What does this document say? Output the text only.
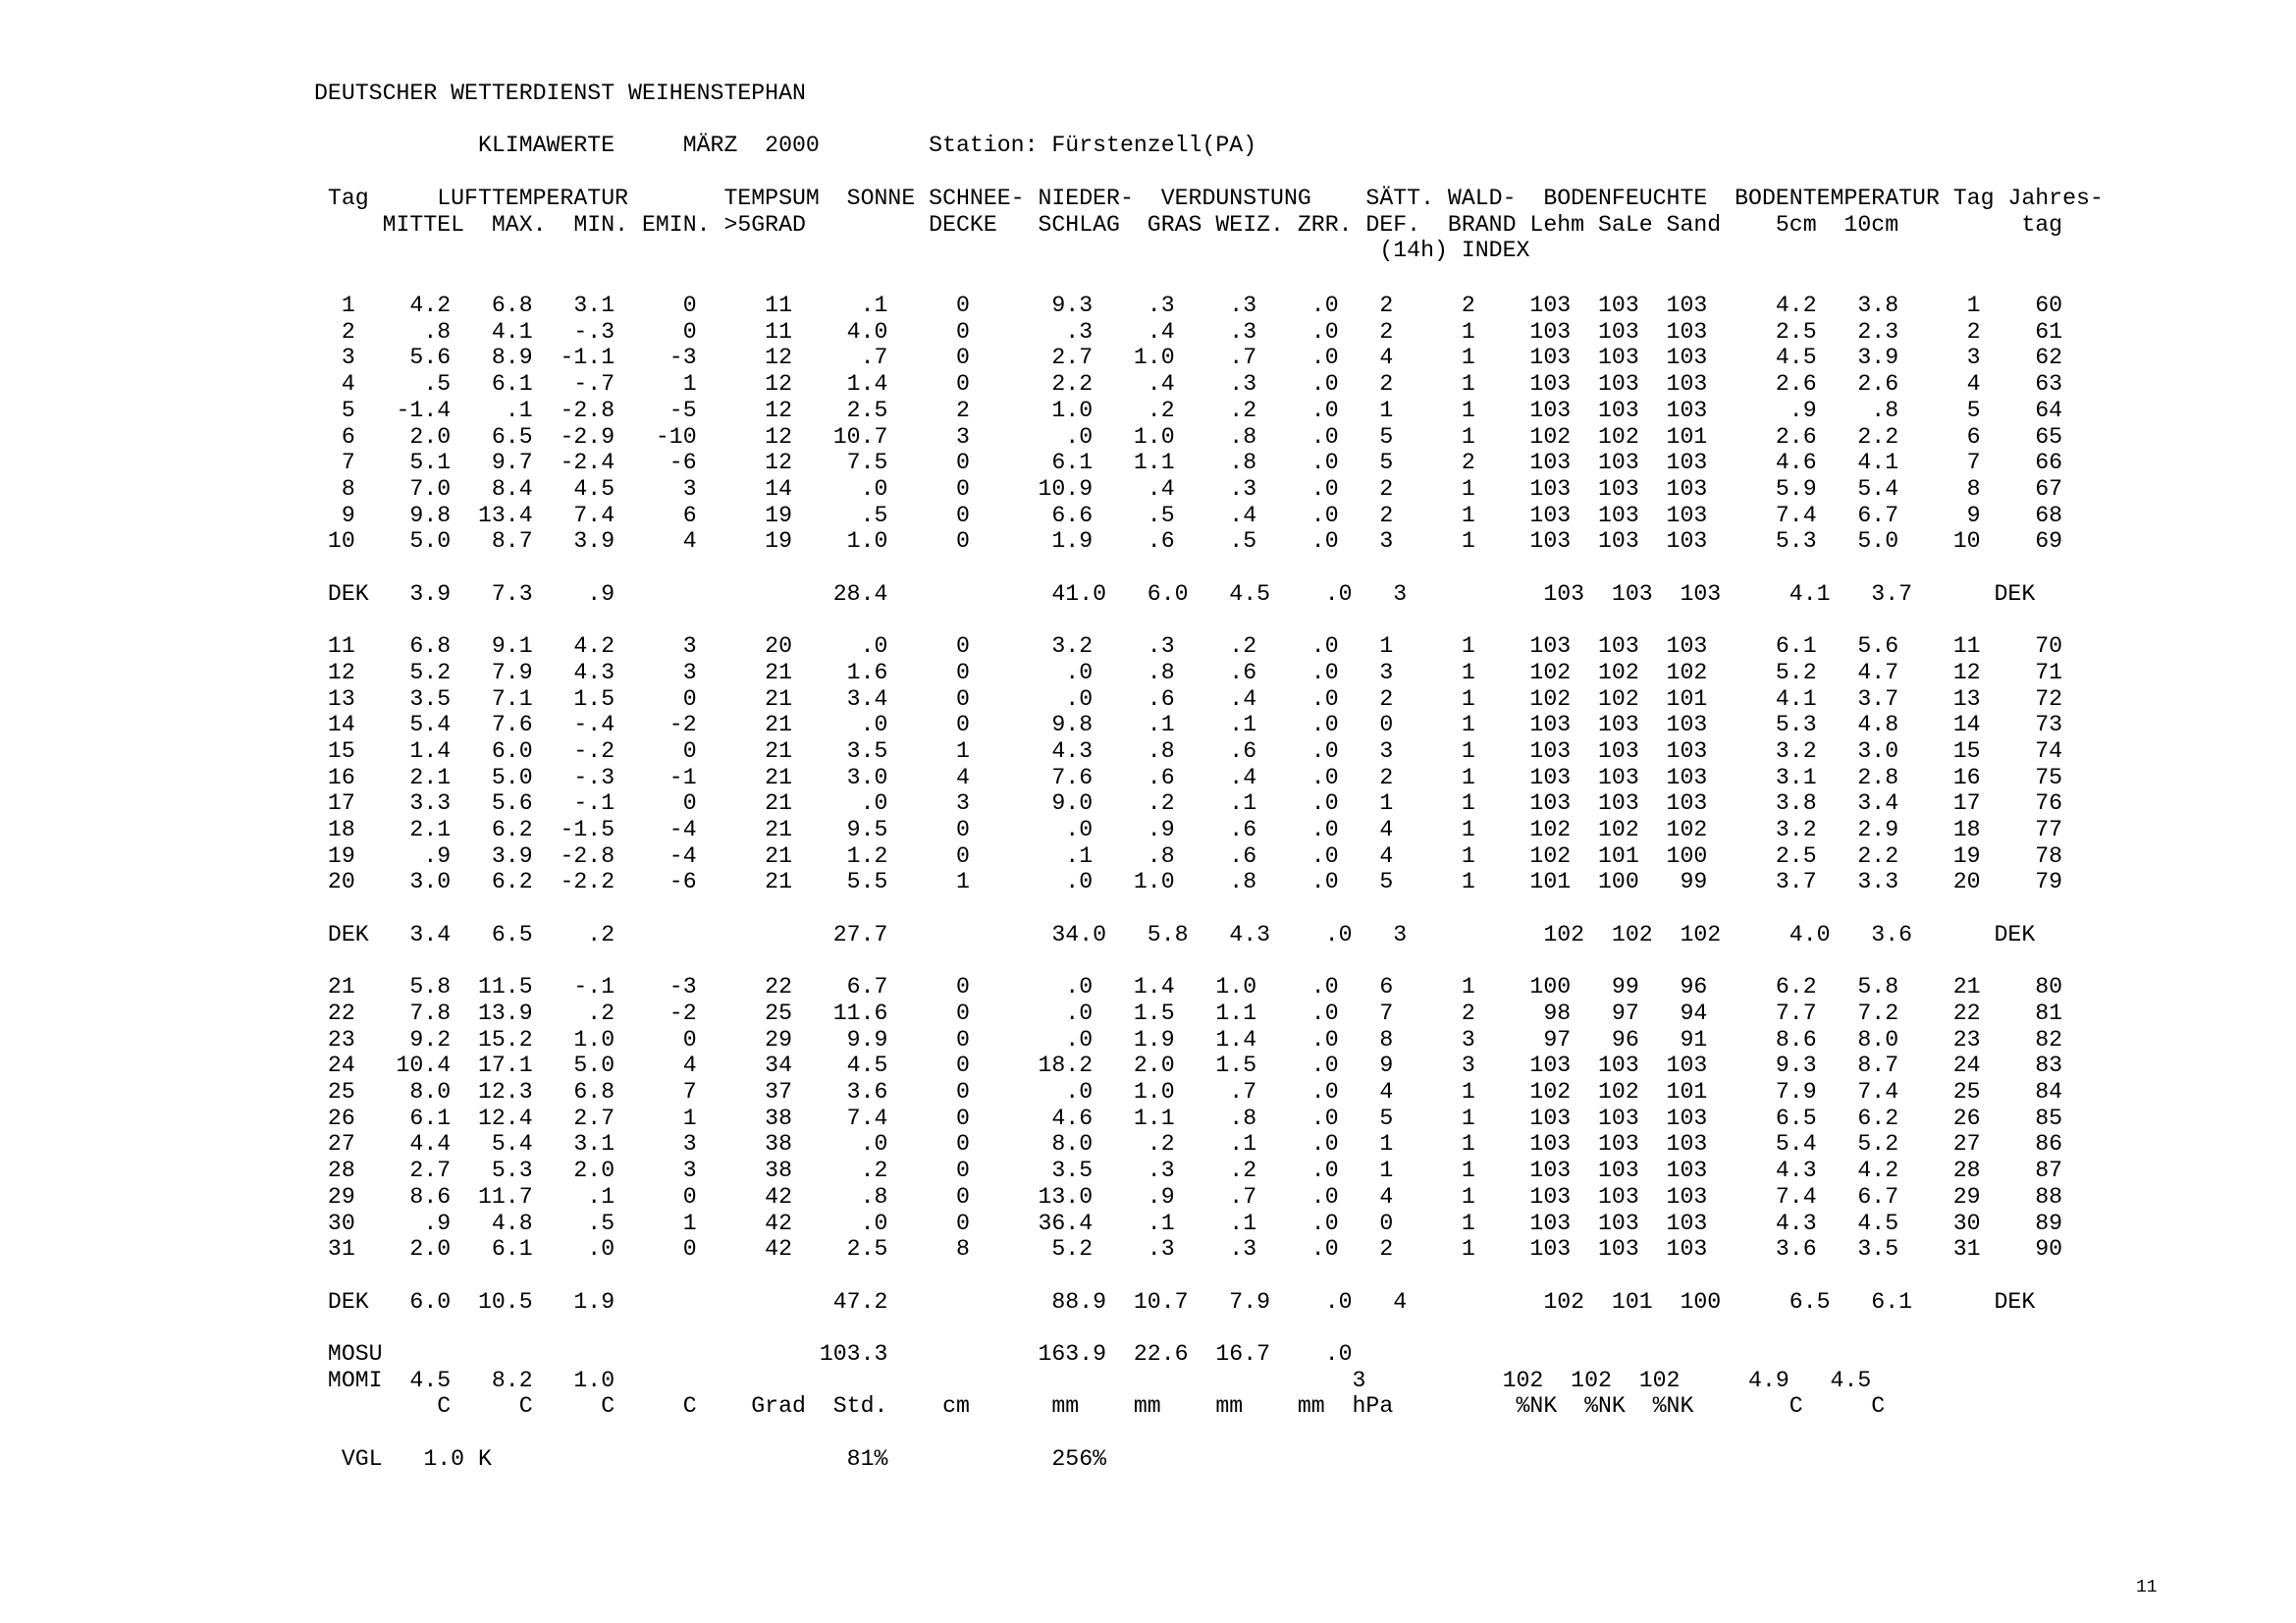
DEUTSCHER WETTERDIENST WEIHENSTEPHAN
KLIMAWERTE     MÄRZ  2000        Station: Fürstenzell(PA)
Tag     LUFTTEMPERATUR       TEMPSUM  SONNE SCHNEE- NIEDER-  VERDUNSTUNG    SÄTT. WALD-  BODENFEUCHTE  BODENTEMPERATUR Tag Jahres-
MITTEL  MAX.  MIN. EMIN. >5GRAD         DECKE   SCHLAG  GRAS WEIZ. ZRR. DEF.  BRAND Lehm SaLe Sand    5cm  10cm         tag
(14h) INDEX
1    4.2   6.8   3.1     0     11     .1     0      9.3    .3    .3    .0   2     2    103  103  103     4.2   3.8     1    60
2     .8   4.1   -.3     0     11    4.0     0       .3    .4    .3    .0   2     1    103  103  103     2.5   2.3     2    61
3    5.6   8.9  -1.1    -3     12     .7     0      2.7   1.0    .7    .0   4     1    103  103  103     4.5   3.9     3    62
4     .5   6.1   -.7     1     12    1.4     0      2.2    .4    .3    .0   2     1    103  103  103     2.6   2.6     4    63
5   -1.4    .1  -2.8    -5     12    2.5     2      1.0    .2    .2    .0   1     1    103  103  103      .9    .8     5    64
6    2.0   6.5  -2.9   -10     12   10.7     3       .0   1.0    .8    .0   5     1    102  102  101     2.6   2.2     6    65
7    5.1   9.7  -2.4    -6     12    7.5     0      6.1   1.1    .8    .0   5     2    103  103  103     4.6   4.1     7    66
8    7.0   8.4   4.5     3     14     .0     0     10.9    .4    .3    .0   2     1    103  103  103     5.9   5.4     8    67
9    9.8  13.4   7.4     6     19     .5     0      6.6    .5    .4    .0   2     1    103  103  103     7.4   6.7     9    68
10    5.0   8.7   3.9     4     19    1.0     0      1.9    .6    .5    .0   3     1    103  103  103     5.3   5.0    10    69
DEK   3.9   7.3    .9                28.4            41.0   6.0   4.5    .0   3          103  103  103     4.1   3.7      DEK
11    6.8   9.1   4.2     3     20     .0     0      3.2    .3    .2    .0   1     1    103  103  103     6.1   5.6    11    70
12    5.2   7.9   4.3     3     21    1.6     0       .0    .8    .6    .0   3     1    102  102  102     5.2   4.7    12    71
13    3.5   7.1   1.5     0     21    3.4     0       .0    .6    .4    .0   2     1    102  102  101     4.1   3.7    13    72
14    5.4   7.6   -.4    -2     21     .0     0      9.8    .1    .1    .0   0     1    103  103  103     5.3   4.8    14    73
15    1.4   6.0   -.2     0     21    3.5     1      4.3    .8    .6    .0   3     1    103  103  103     3.2   3.0    15    74
16    2.1   5.0   -.3    -1     21    3.0     4      7.6    .6    .4    .0   2     1    103  103  103     3.1   2.8    16    75
17    3.3   5.6   -.1     0     21     .0     3      9.0    .2    .1    .0   1     1    103  103  103     3.8   3.4    17    76
18    2.1   6.2  -1.5    -4     21    9.5     0       .0    .9    .6    .0   4     1    102  102  102     3.2   2.9    18    77
19     .9   3.9  -2.8    -4     21    1.2     0       .1    .8    .6    .0   4     1    102  101  100     2.5   2.2    19    78
20    3.0   6.2  -2.2    -6     21    5.5     1       .0   1.0    .8    .0   5     1    101  100   99     3.7   3.3    20    79
DEK   3.4   6.5    .2                27.7            34.0   5.8   4.3    .0   3          102  102  102     4.0   3.6      DEK
21    5.8  11.5   -.1    -3     22    6.7     0       .0   1.4   1.0    .0   6     1    100   99   96     6.2   5.8    21    80
22    7.8  13.9    .2    -2     25   11.6     0       .0   1.5   1.1    .0   7     2     98   97   94     7.7   7.2    22    81
23    9.2  15.2   1.0     0     29    9.9     0       .0   1.9   1.4    .0   8     3     97   96   91     8.6   8.0    23    82
24   10.4  17.1   5.0     4     34    4.5     0     18.2   2.0   1.5    .0   9     3    103  103  103     9.3   8.7    24    83
25    8.0  12.3   6.8     7     37    3.6     0       .0   1.0    .7    .0   4     1    102  102  101     7.9   7.4    25    84
26    6.1  12.4   2.7     1     38    7.4     0      4.6   1.1    .8    .0   5     1    103  103  103     6.5   6.2    26    85
27    4.4   5.4   3.1     3     38     .0     0      8.0    .2    .1    .0   1     1    103  103  103     5.4   5.2    27    86
28    2.7   5.3   2.0     3     38     .2     0      3.5    .3    .2    .0   1     1    103  103  103     4.3   4.2    28    87
29    8.6  11.7    .1     0     42     .8     0     13.0    .9    .7    .0   4     1    103  103  103     7.4   6.7    29    88
30     .9   4.8    .5     1     42     .0     0     36.4    .1    .1    .0   0     1    103  103  103     4.3   4.5    30    89
31    2.0   6.1    .0     0     42    2.5     8      5.2    .3    .3    .0   2     1    103  103  103     3.6   3.5    31    90
DEK   6.0  10.5   1.9                47.2            88.9  10.7   7.9    .0   4          102  101  100     6.5   6.1      DEK
MOSU                                103.3           163.9  22.6  16.7    .0
MOMI  4.5   8.2   1.0                                                      3          102  102  102     4.9   4.5
C     C     C     C    Grad  Std.    cm      mm    mm    mm    mm  hPa         %NK  %NK  %NK       C     C
VGL   1.0 K                          81%            256%
11
